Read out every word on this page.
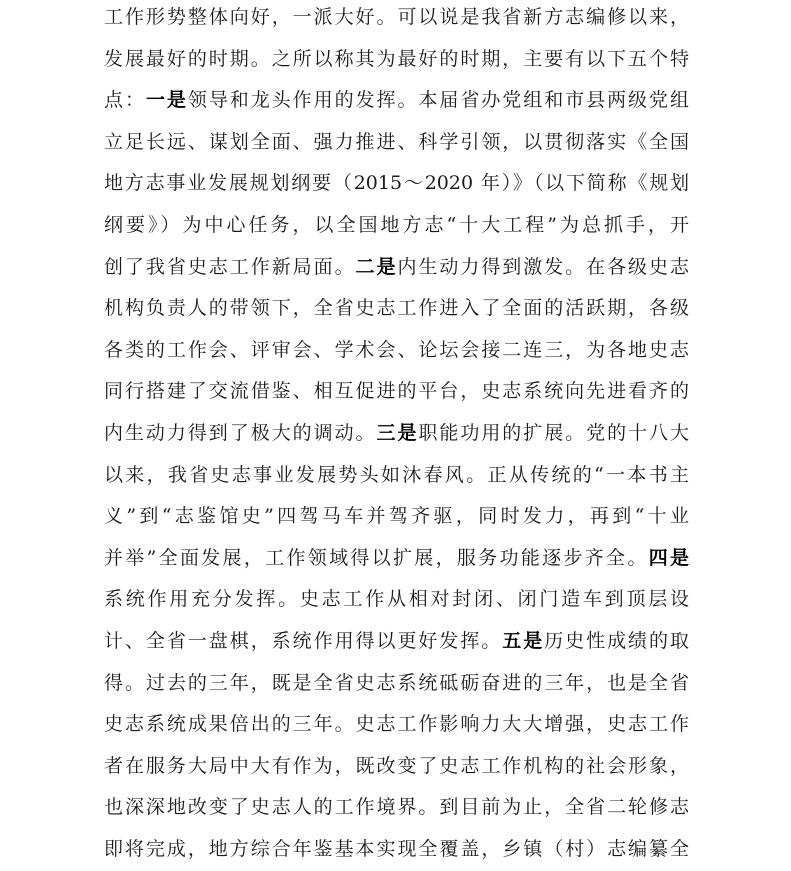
工作形势整体向好，一派大好。可以说是我省新方志编修以来，
发展最好的时期。之所以称其为最好的时期，主要有以下五个特
点：一是领导和龙头作用的发挥。本届省办党组和市县两级党组
立足长远、谋划全面、强力推进、科学引领，以贯彻落实《全国
地方志事业发展规划纲要（2015～2020 年）》（以下简称《规划
纲要》）为中心任务，以全国地方志“十大工程”为总抓手，开
创了我省史志工作新局面。二是内生动力得到激发。在各级史志
机构负责人的带领下，全省史志工作进入了全面的活跃期，各级
各类的工作会、评审会、学术会、论坛会接二连三，为各地史志
同行搭建了交流借鉴、相互促进的平台，史志系统向先进看齐的
内生动力得到了极大的调动。三是职能功用的扩展。党的十八大
以来，我省史志事业发展势头如沐春风。正从传统的“一本书主
义”到“志鉴馆史”四驾马车并驾齐驱，同时发力，再到“十业
并举”全面发展，工作领域得以扩展，服务功能逐步齐全。四是
系统作用充分发挥。史志工作从相对封闭、闭门造车到顶层设
计、全省一盘棋，系统作用得以更好发挥。五是历史性成绩的取
得。过去的三年，既是全省史志系统砥砺奋进的三年，也是全省
史志系统成果倍出的三年。史志工作影响力大大增强，史志工作
者在服务大局中大有作为，既改变了史志工作机构的社会形象，
也深深地改变了史志人的工作境界。到目前为止，全省二轮修志
即将完成，地方综合年鉴基本实现全覆盖，乡镇（村）志编纂全
